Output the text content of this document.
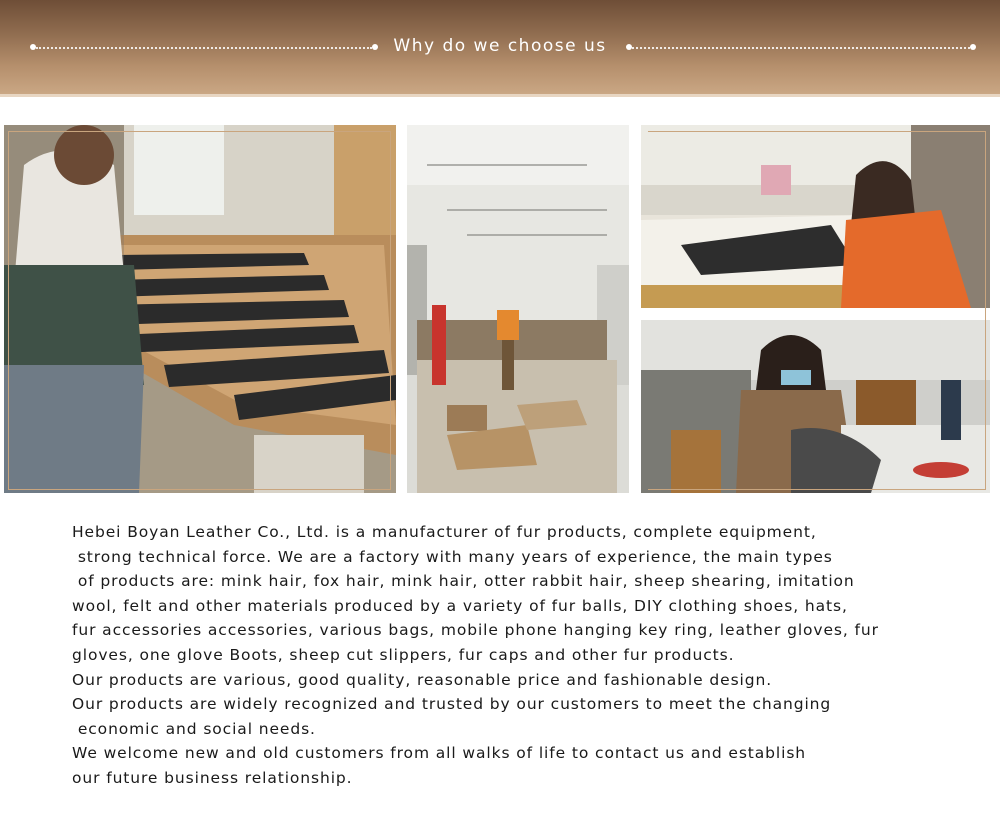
Why do we choose us
Hebei Boyan Leather Co., Ltd. is a manufacturer of fur products, complete equipment,
strong technical force. We are a factory with many years of experience, the main types
of products are: mink hair, fox hair, mink hair, otter rabbit hair, sheep shearing, imitation
wool, felt and other materials produced by a variety of fur balls, DIY clothing shoes, hats,
fur accessories accessories, various bags, mobile phone hanging key ring, leather gloves, fur
gloves, one glove Boots, sheep cut slippers, fur caps and other fur products.
Our products are various, good quality, reasonable price and fashionable design.
Our products are widely recognized and trusted by our customers to meet the changing
economic and social needs.
We welcome new and old customers from all walks of life to contact us and establish
our future business relationship.
